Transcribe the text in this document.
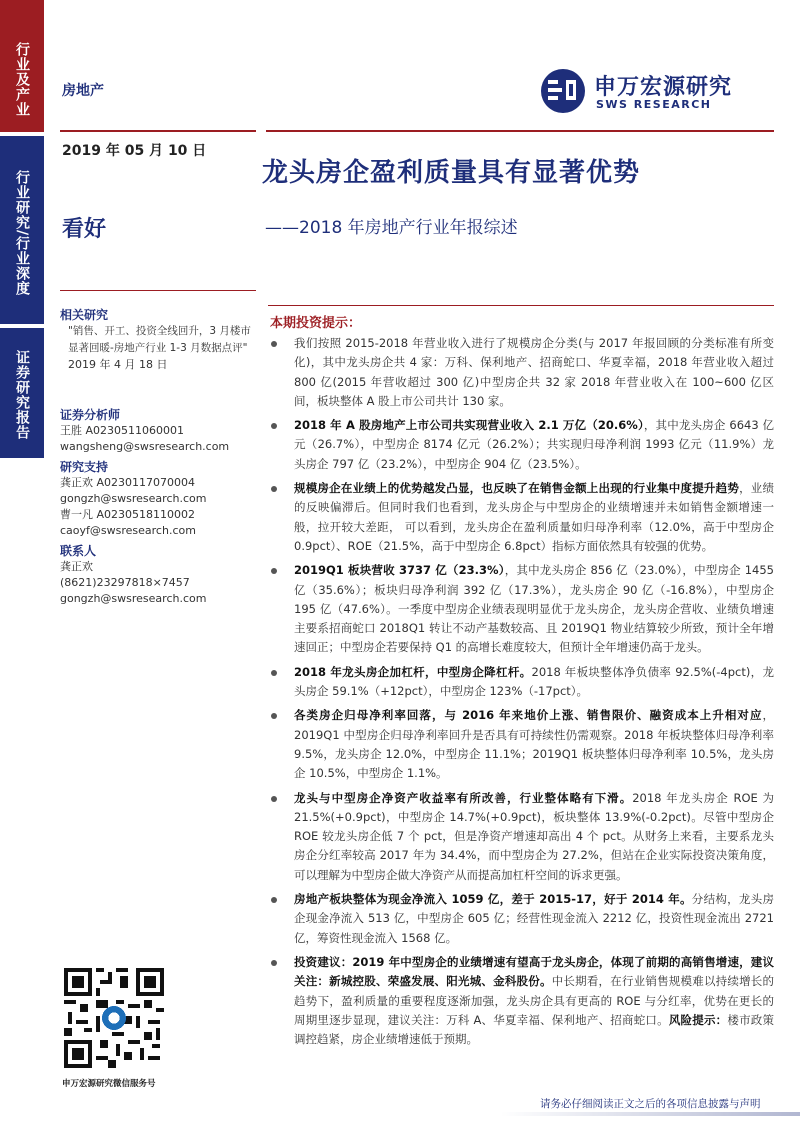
行业及产业
行业研究/行业深度
证券研究报告
房地产	申万宏源研究
SWS RESEARCH
2019 年 05 月 10 日
龙头房企盈利质量具有显著优势
——2018 年房地产行业年报综述
看好
相关研究
"销售、开工、投资全线回升，3 月楼市显著回暖-房地产行业 1-3 月数据点评"
2019 年 4 月 18 日
证券分析师
王胜 A0230511060001
wangsheng@swsresearch.com
研究支持
龚正欢 A0230117070004
gongzh@swsresearch.com
曹一凡 A0230518110002
caoyf@swsresearch.com
联系人
龚正欢
(8621)23297818×7457
gongzh@swsresearch.com
本期投资提示：
我们按照 2015-2018 年营业收入进行了规模房企分类(与 2017 年报回顾的分类标准有所变化)，其中龙头房企共 4 家：万科、保利地产、招商蛇口、华夏幸福，2018 年营业收入超过 800 亿(2015 年营收超过 300 亿)中型房企共 32 家 2018 年营业收入在 100~600 亿区间，板块整体 A 股上市公司共计 130 家。
2018 年 A 股房地产上市公司共实现营业收入 2.1 万亿（20.6%），其中龙头房企 6643 亿元（26.7%），中型房企 8174 亿元（26.2%）；共实现归母净利润 1993 亿元（11.9%）龙头房企 797 亿（23.2%），中型房企 904 亿（23.5%）。
规模房企在业绩上的优势越发凸显，也反映了在销售金额上出现的行业集中度提升趋势，业绩的反映偏滞后。但同时我们也看到，龙头房企与中型房企的业绩增速并未如销售金额增速一般，拉开较大差距， 可以看到，龙头房企在盈利质量如归母净利率（12.0%，高于中型房企 0.9pct）、ROE（21.5%，高于中型房企 6.8pct）指标方面依然具有较强的优势。
2019Q1 板块营收 3737 亿（23.3%），其中龙头房企 856 亿（23.0%），中型房企 1455 亿（35.6%）；板块归母净利润 392 亿（17.3%），龙头房企 90 亿（-16.8%），中型房企 195 亿（47.6%）。一季度中型房企业绩表现明显优于龙头房企，龙头房企营收、业绩负增速主要系招商蛇口 2018Q1 转让不动产基数较高、且 2019Q1 物业结算较少所致，预计全年增速回正；中型房企若要保持 Q1 的高增长难度较大，但预计全年增速仍高于龙头。
2018 年龙头房企加杠杆，中型房企降杠杆。2018 年板块整体净负债率 92.5%(-4pct)，龙头房企 59.1%（+12pct），中型房企 123%（-17pct）。
各类房企归母净利率回落，与 2016 年来地价上涨、销售限价、融资成本上升相对应，2019Q1 中型房企归母净利率回升是否具有可持续性仍需观察。2018 年板块整体归母净利率 9.5%，龙头房企 12.0%，中型房企 11.1%；2019Q1 板块整体归母净利率 10.5%，龙头房企 10.5%，中型房企 1.1%。
龙头与中型房企净资产收益率有所改善，行业整体略有下滑。2018 年龙头房企 ROE 为 21.5%(+0.9pct)，中型房企 14.7%(+0.9pct)，板块整体 13.9%(-0.2pct)。尽管中型房企 ROE 较龙头房企低 7 个 pct，但是净资产增速却高出 4 个 pct。从财务上来看，主要系龙头房企分红率较高 2017 年为 34.4%，而中型房企为 27.2%，但站在企业实际投资决策角度，可以理解为中型房企做大净资产从而提高加杠杆空间的诉求更强。
房地产板块整体为现金净流入 1059 亿，差于 2015-17，好于 2014 年。分结构，龙头房企现金净流入 513 亿，中型房企 605 亿；经营性现金流入 2212 亿，投资性现金流出 2721 亿，筹资性现金流入 1568 亿。
投资建议：2019 年中型房企的业绩增速有望高于龙头房企，体现了前期的高销售增速，建议关注：新城控股、荣盛发展、阳光城、金科股份。中长期看，在行业销售规模难以持续增长的趋势下，盈利质量的重要程度逐渐加强，龙头房企具有更高的 ROE 与分红率，优势在更长的周期里逐步显现，建议关注：万科 A、华夏幸福、保利地产、招商蛇口。风险提示：楼市政策调控趋紧，房企业绩增速低于预期。
申万宏源研究微信服务号
请务必仔细阅读正文之后的各项信息披露与声明
